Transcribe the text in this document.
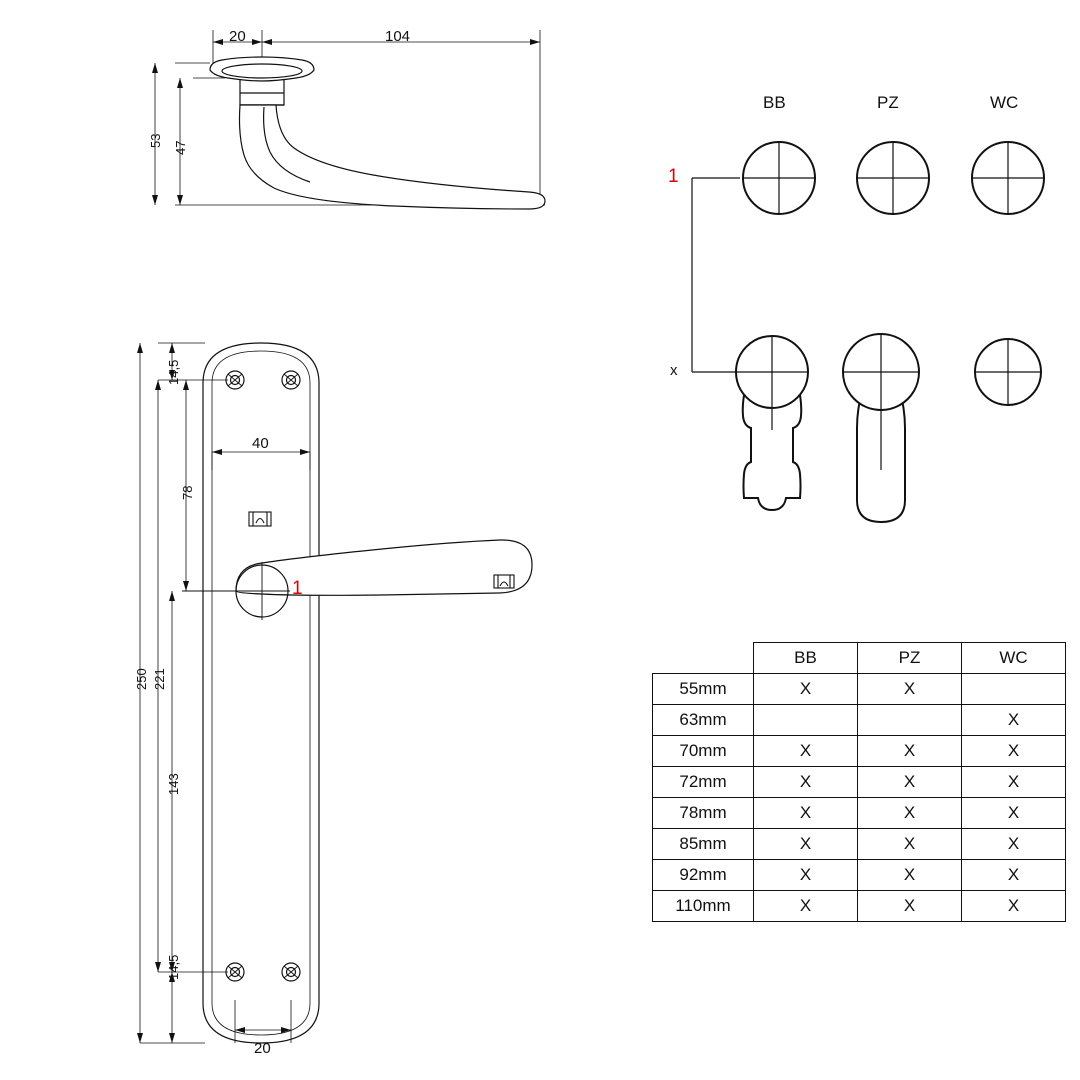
20	104
53 47
14,5
40
78
250 221
143
14,5
20
1
1
x
BB	PZ	WC
	BB	PZ	WC
55mm	X	X	
63mm			X
70mm	X	X	X
72mm	X	X	X
78mm	X	X	X
85mm	X	X	X
92mm	X	X	X
110mm	X	X	X
